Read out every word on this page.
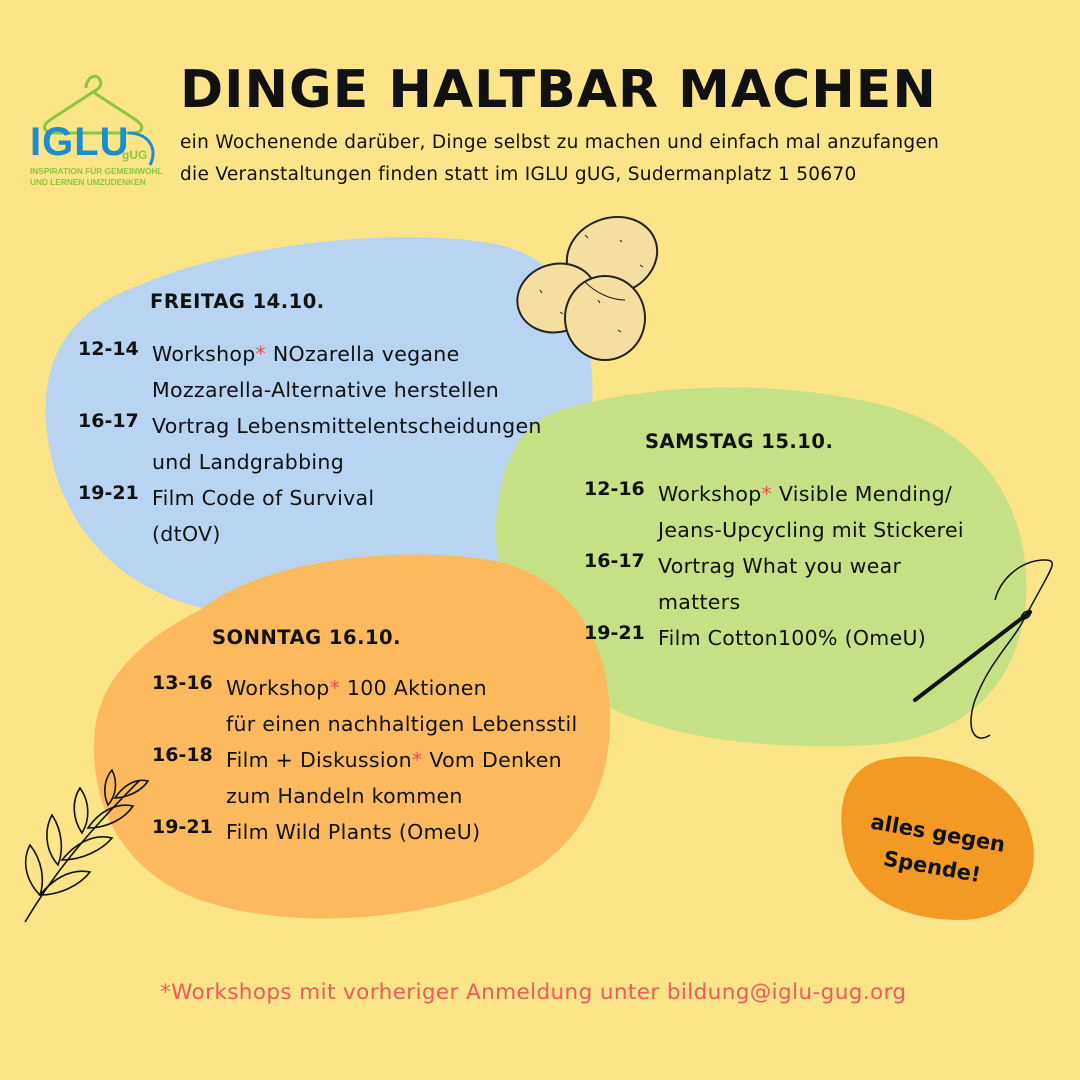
IGLU
gUG
INSPIRATION FÜR GEMEINWOHL
UND LERNEN UMZUDENKEN
DINGE HALTBAR MACHEN
ein Wochenende darüber, Dinge selbst zu machen und einfach mal anzufangen
die Veranstaltungen finden statt im IGLU gUG, Sudermanplatz 1 50670
FREITAG 14.10.
12-14 Workshop* NOzarella vegane
Mozzarella-Alternative herstellen
16-17 Vortrag Lebensmittelentscheidungen
und Landgrabbing
19-21 Film Code of Survival
(dtOV)
SAMSTAG 15.10.
12-16 Workshop* Visible Mending/
Jeans-Upcycling mit Stickerei
16-17 Vortrag What you wear
matters
19-21 Film Cotton100% (OmeU)
SONNTAG 16.10.
13-16 Workshop* 100 Aktionen
für einen nachhaltigen Lebensstil
16-18 Film + Diskussion* Vom Denken
zum Handeln kommen
19-21 Film Wild Plants (OmeU)	alles gegen
Spende!
*Workshops mit vorheriger Anmeldung unter bildung@iglu-gug.org
